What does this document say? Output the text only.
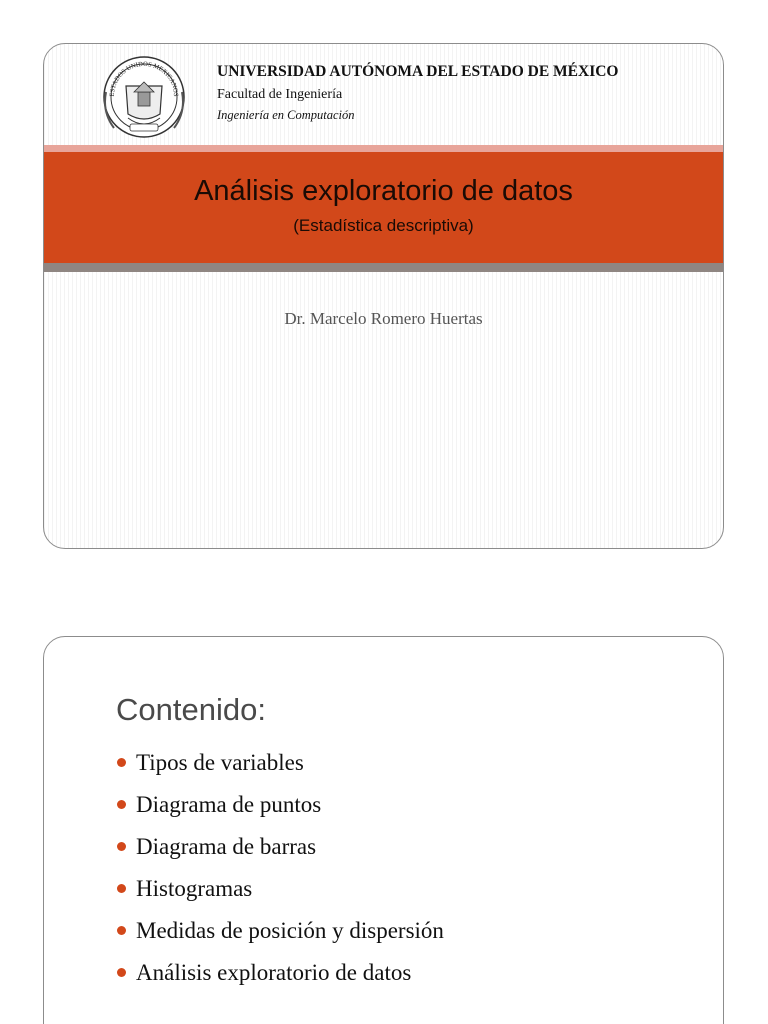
ESTADOS UNIDOS MEXICANOS
UNIVERSIDAD AUTÓNOMA DEL ESTADO DE MÉXICO
Facultad de Ingeniería
Ingeniería en Computación
Análisis exploratorio de datos
(Estadística descriptiva)
Dr. Marcelo Romero Huertas
Contenido:
Tipos de variables
Diagrama de puntos
Diagrama de barras
Histogramas
Medidas de posición y dispersión
Análisis exploratorio de datos
